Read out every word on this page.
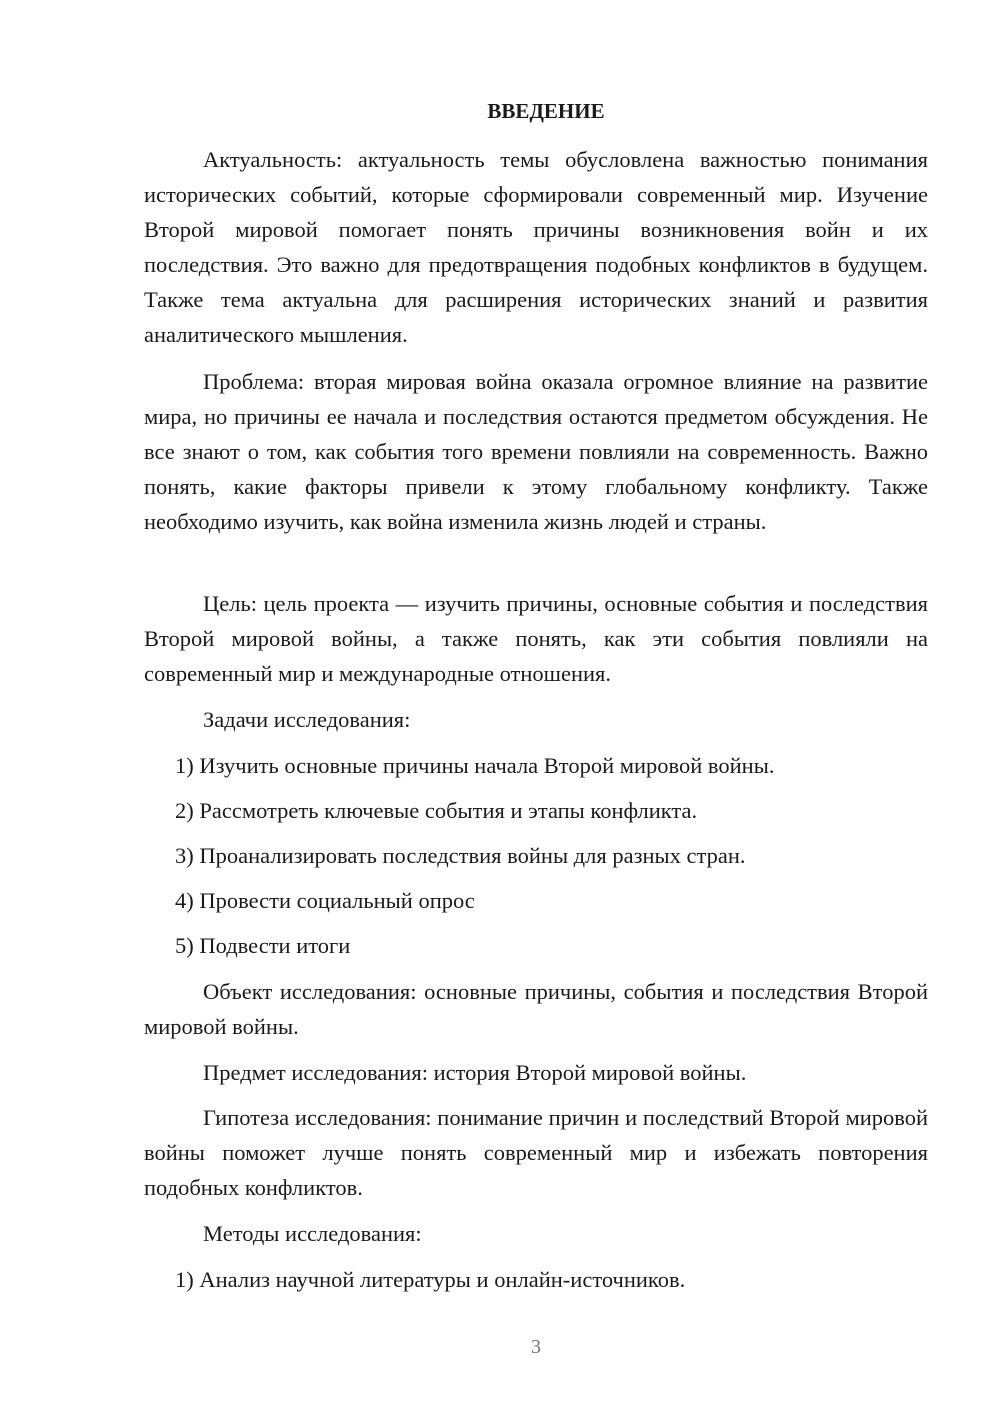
ВВЕДЕНИЕ

Актуальность: актуальность темы обусловлена важностью понимания исторических событий, которые сформировали современный мир. Изучение Второй мировой помогает понять причины возникновения войн и их последствия. Это важно для предотвращения подобных конфликтов в будущем. Также тема актуальна для расширения исторических знаний и развития аналитического мышления.

Проблема: вторая мировая война оказала огромное влияние на развитие мира, но причины ее начала и последствия остаются предметом обсуждения. Не все знают о том, как события того времени повлияли на современность. Важно понять, какие факторы привели к этому глобальному конфликту. Также необходимо изучить, как война изменила жизнь людей и страны.

Цель: цель проекта — изучить причины, основные события и последствия Второй мировой войны, а также понять, как эти события повлияли на современный мир и международные отношения.

Задачи исследования:

1) Изучить основные причины начала Второй мировой войны.

2) Рассмотреть ключевые события и этапы конфликта.

3) Проанализировать последствия войны для разных стран.

4) Провести социальный опрос

5) Подвести итоги

Объект исследования: основные причины, события и последствия Второй мировой войны.

Предмет исследования: история Второй мировой войны.

Гипотеза исследования: понимание причин и последствий Второй мировой войны поможет лучше понять современный мир и избежать повторения подобных конфликтов.

Методы исследования:

1) Анализ научной литературы и онлайн-источников.

3
